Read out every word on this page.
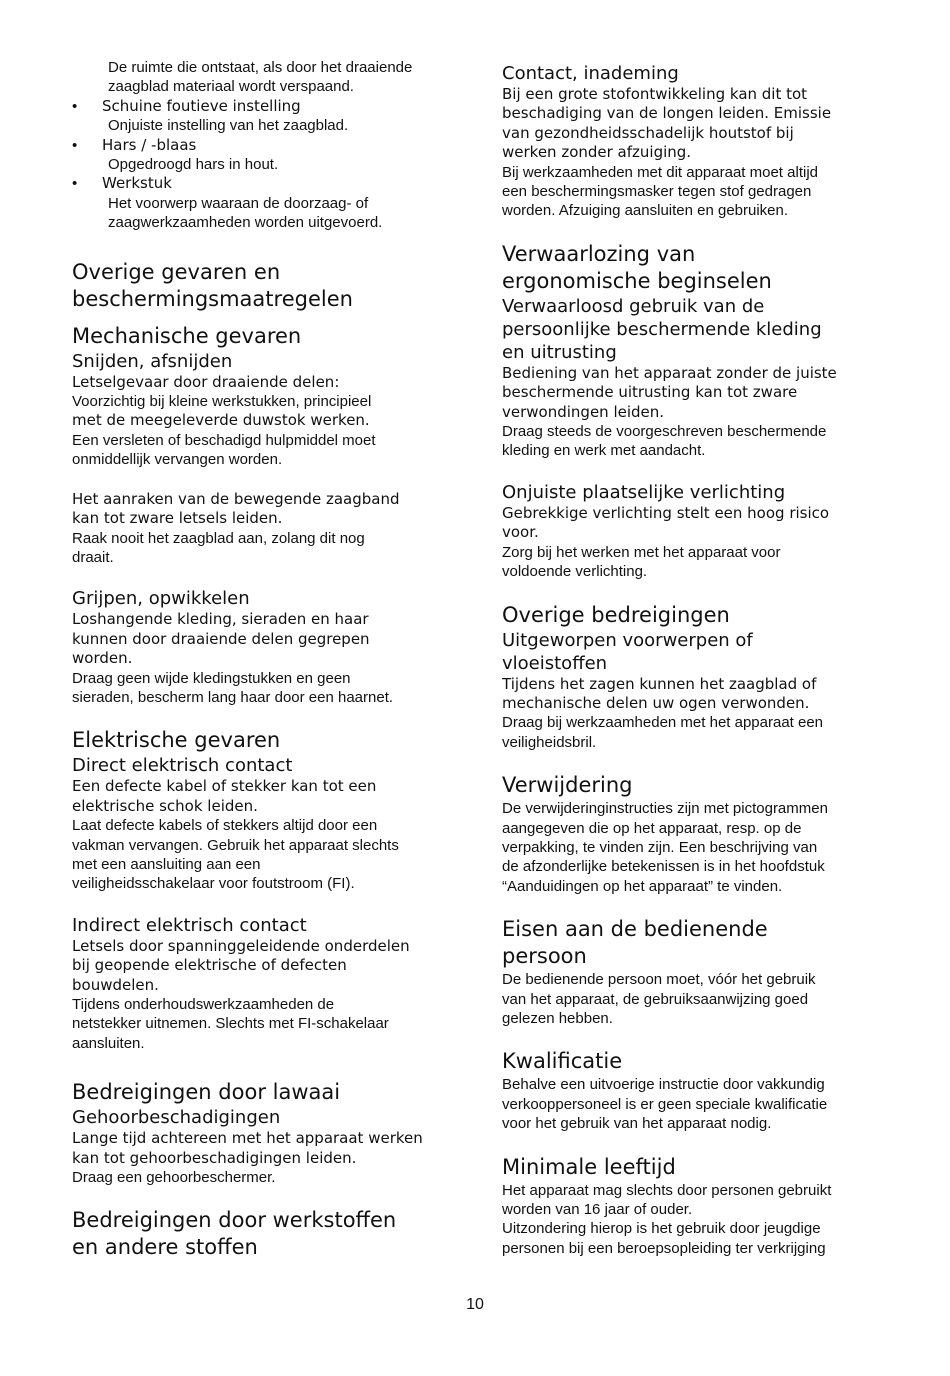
De ruimte die ontstaat, als door het draaiende

zaagblad materiaal wordt verspaand.

• Schuine foutieve instelling

Onjuiste instelling van het zaagblad.

• Hars / -blaas

Opgedroogd hars in hout.

• Werkstuk

Het voorwerp waaraan de doorzaag- of

zaagwerkzaamheden worden uitgevoerd.

Overige gevaren en
beschermingsmaatregelen
Mechanische gevaren
Snijden, afsnijden

Letselgevaar door draaiende delen:

Voorzichtig bij kleine werkstukken, principieel

met de meegeleverde duwstok werken.

Een versleten of beschadigd hulpmiddel moet

onmiddellijk vervangen worden.

Het aanraken van de bewegende zaagband

kan tot zware letsels leiden.

Raak nooit het zaagblad aan, zolang dit nog

draait.

Grijpen, opwikkelen

Loshangende kleding, sieraden en haar

kunnen door draaiende delen gegrepen

worden.

Draag geen wijde kledingstukken en geen

sieraden, bescherm lang haar door een haarnet.

Elektrische gevaren
Direct elektrisch contact

Een defecte kabel of stekker kan tot een

elektrische schok leiden.

Laat defecte kabels of stekkers altijd door een

vakman vervangen. Gebruik het apparaat slechts

met een aansluiting aan een

veiligheidsschakelaar voor foutstroom (FI).

Indirect elektrisch contact

Letsels door spanninggeleidende onderdelen

bij geopende elektrische of defecten

bouwdelen.

Tijdens onderhoudswerkzaamheden de

netstekker uitnemen. Slechts met FI-schakelaar

aansluiten.

Bedreigingen door lawaai
Gehoorbeschadigingen

Lange tijd achtereen met het apparaat werken

kan tot gehoorbeschadigingen leiden.

Draag een gehoorbeschermer.

Bedreigingen door werkstoffen
en andere stoffen
Contact, inademing

Bij een grote stofontwikkeling kan dit tot

beschadiging van de longen leiden. Emissie

van gezondheidsschadelijk houtstof bij

werken zonder afzuiging.

Bij werkzaamheden met dit apparaat moet altijd

een beschermingsmasker tegen stof gedragen

worden. Afzuiging aansluiten en gebruiken.

Verwaarlozing van
ergonomische beginselen
Verwaarloosd gebruik van de
persoonlijke beschermende kleding
en uitrusting

Bediening van het apparaat zonder de juiste

beschermende uitrusting kan tot zware

verwondingen leiden.

Draag steeds de voorgeschreven beschermende

kleding en werk met aandacht.

Onjuiste plaatselijke verlichting

Gebrekkige verlichting stelt een hoog risico

voor.

Zorg bij het werken met het apparaat voor

voldoende verlichting.

Overige bedreigingen
Uitgeworpen voorwerpen of
vloeistoffen

Tijdens het zagen kunnen het zaagblad of

mechanische delen uw ogen verwonden.

Draag bij werkzaamheden met het apparaat een

veiligheidsbril.

Verwijdering

De verwijderinginstructies zijn met pictogrammen

aangegeven die op het apparaat, resp. op de

verpakking, te vinden zijn. Een beschrijving van

de afzonderlijke betekenissen is in het hoofdstuk

“Aanduidingen op het apparaat” te vinden.

Eisen aan de bedienende
persoon

De bedienende persoon moet, vóór het gebruik

van het apparaat, de gebruiksaanwijzing goed

gelezen hebben.

Kwalificatie

Behalve een uitvoerige instructie door vakkundig

verkooppersoneel is er geen speciale kwalificatie

voor het gebruik van het apparaat nodig.

Minimale leeftijd

Het apparaat mag slechts door personen gebruikt

worden van 16 jaar of ouder.

Uitzondering hierop is het gebruik door jeugdige

personen bij een beroepsopleiding ter verkrijging

10
